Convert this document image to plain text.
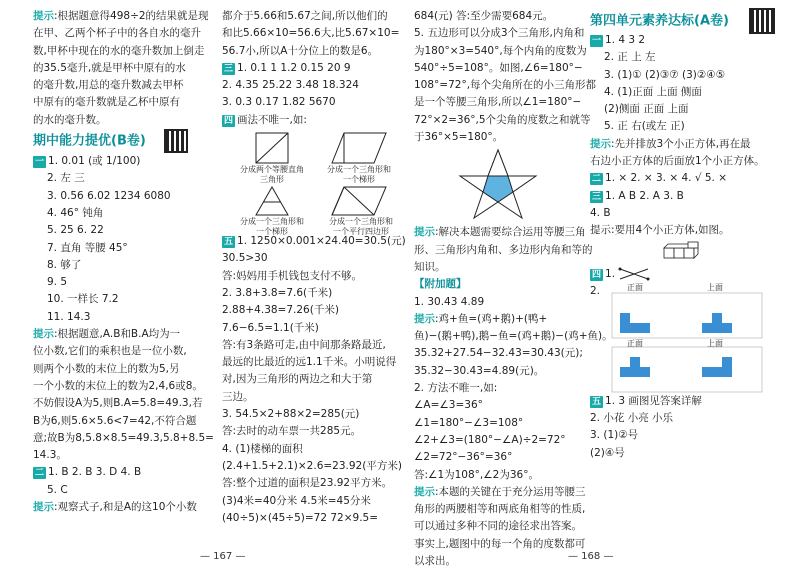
提示:根据题意得498÷2的结果就是现
在甲、乙两个杯子中的各自水的毫升
数,甲杯中现在的水的毫升数加上倒走
的35.5毫升,就是甲杯中原有的水
的毫升数,用总的毫升数减去甲杯
中原有的毫升数就是乙杯中原有
的水的毫升数。
期中能力提优(B卷)
一 1. 0.01 (或 1/100)
2. 左 三
3. 0.56 6.02 1234 6080
4. 46° 钝角
5. 25 6. 22
7. 直角 等腰 45°
8. 够了
9. 5
10. 一样长 7.2
11. 14.3
提示:根据题意,A.B和B.A均为一
位小数,它们的乘积也是一位小数,
则两个小数的末位上的数为5,另
一个小数的末位上的数为2,4,6或8。
不妨假设A为5,则B.A=5.8=49.3,若
B为6,则5.6×5.6<7=42,不符合题
意;故B为8,5.8×8.5=49.3,5.8+8.5=
14.3。
二 1. B 2. B 3. D 4. B
5. C
提示:观察式子,和是A的这10个小数
都介于5.66和5.67之间,所以他们的
和比5.66×10=56.6大,比5.67×10=
56.7小,所以A十分位上的数是6。
三 1. 0.1 1 1.2 0.15 20 9
2. 4.35 25.22 3.48 18.324
3. 0.3 0.17 1.82 5670
四 画法不唯一,如:
分成两个等腰直角三角形
分成一个三角形和一个梯形
分成一个三角形和一个梯形
分成一个三角形和一个平行四边形
五 1. 1250×0.001×24.40=30.5(元)
30.5>30
答:妈妈用手机钱包支付不够。
2. 3.8+3.8=7.6(千米)
2.88+4.38=7.26(千米)
7.6−6.5=1.1(千米)
答:有3条路可走,由中间那条路最近,
最远的比最近的远1.1千米。小明说得
对,因为三角形的两边之和大于第
三边。
3. 54.5×2+88×2=285(元)
答:去时的动车票一共285元。
4. (1)楼梯的面积
(2.4+1.5+2.1)×2.6=23.92(平方米)
答:整个过道的面积是23.92平方米。
(3)4米=40分米 4.5米=45分米
(40÷5)×(45÷5)=72 72×9.5=
— 167 —
684(元) 答:至少需要684元。
5. 五边形可以分成3个三角形,内角和
为180°×3=540°,每个内角的度数为
540°÷5=108°。如图,∠6=180°−
108°=72°,每个尖角所在的小三角形都
是一个等腰三角形,所以∠1=180°−
72°×2=36°,5个尖角的度数之和就等
于36°×5=180°。
提示:解决本题需要综合运用等腰三角
形、三角形内角和、多边形内角和等的
知识。
【附加题】
1. 30.43 4.89
提示:鸡+鱼=(鸡+鹅)+(鸭+
鱼)−(鹅+鸭),鹅−鱼=(鸡+鹅)−(鸡+鱼)。
35.32+27.54−32.43=30.43(元);
35.32−30.43=4.89(元)。
2. 方法不唯一,如:
∠A=∠3=36°
∠1=180°−∠3=108°
∠2+∠3=(180°−∠A)÷2=72°
∠2=72°−36°=36°
答:∠1为108°,∠2为36°。
提示:本题的关键在于充分运用等腰三
角形的两腰相等和两底角相等的性质,
可以通过多种不同的途径求出答案。
事实上,题图中的每一个角的度数都可
以求出。	— 168 —
第四单元素养达标(A卷)
一 1. 4 3 2
2. 正 上 左
3. (1)① (2)③⑦ (3)②④⑤
4. (1)正面 上面 侧面
(2)侧面 正面 上面
5. 正 右(或左 正)
提示:先并排放3个小正方体,再在最
右边小正方体的后面放1个小正方体。
二 1. × 2. × 3. × 4. √ 5. ×
三 1. A B 2. A 3. B
4. B
提示:要用4个小正方体,如图。
四 1.
2.	正面	上面
正面	上面
五 1. 3 画图见答案详解
2. 小花 小亮 小乐
3. (1)②号
(2)④号
